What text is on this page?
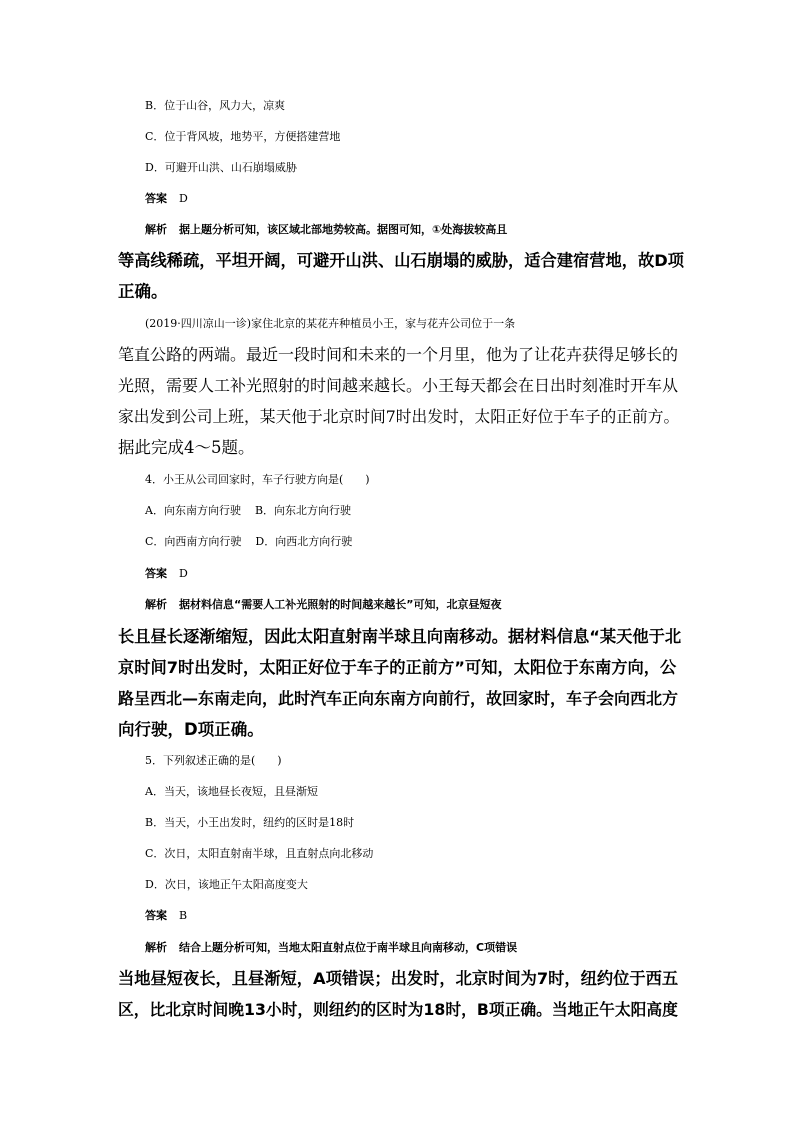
B．位于山谷，风力大，凉爽
C．位于背风坡，地势平，方便搭建营地
D．可避开山洪、山石崩塌威胁
答案 D
解析 据上题分析可知，该区域北部地势较高。据图可知，①处海拔较高且
等高线稀疏，平坦开阔，可避开山洪、山石崩塌的威胁，适合建宿营地，故D项
正确。
(2019·四川凉山一诊)家住北京的某花卉种植员小王，家与花卉公司位于一条
笔直公路的两端。最近一段时间和未来的一个月里，他为了让花卉获得足够长的
光照，需要人工补光照射的时间越来越长。小王每天都会在日出时刻准时开车从
家出发到公司上班，某天他于北京时间7时出发时，太阳正好位于车子的正前方。
据此完成4～5题。
4．小王从公司回家时，车子行驶方向是(　　)
A．向东南方向行驶 B．向东北方向行驶
C．向西南方向行驶 D．向西北方向行驶
答案 D
解析 据材料信息“需要人工补光照射的时间越来越长”可知，北京昼短夜
长且昼长逐渐缩短，因此太阳直射南半球且向南移动。据材料信息“某天他于北
京时间7时出发时，太阳正好位于车子的正前方”可知，太阳位于东南方向，公
路呈西北—东南走向，此时汽车正向东南方向前行，故回家时，车子会向西北方
向行驶，D项正确。
5．下列叙述正确的是(　　)
A．当天，该地昼长夜短，且昼渐短
B．当天，小王出发时，纽约的区时是18时
C．次日，太阳直射南半球，且直射点向北移动
D．次日，该地正午太阳高度变大
答案 B
解析 结合上题分析可知，当地太阳直射点位于南半球且向南移动，C项错误
当地昼短夜长，且昼渐短，A项错误；出发时，北京时间为7时，纽约位于西五
区，比北京时间晚13小时，则纽约的区时为18时，B项正确。当地正午太阳高度
